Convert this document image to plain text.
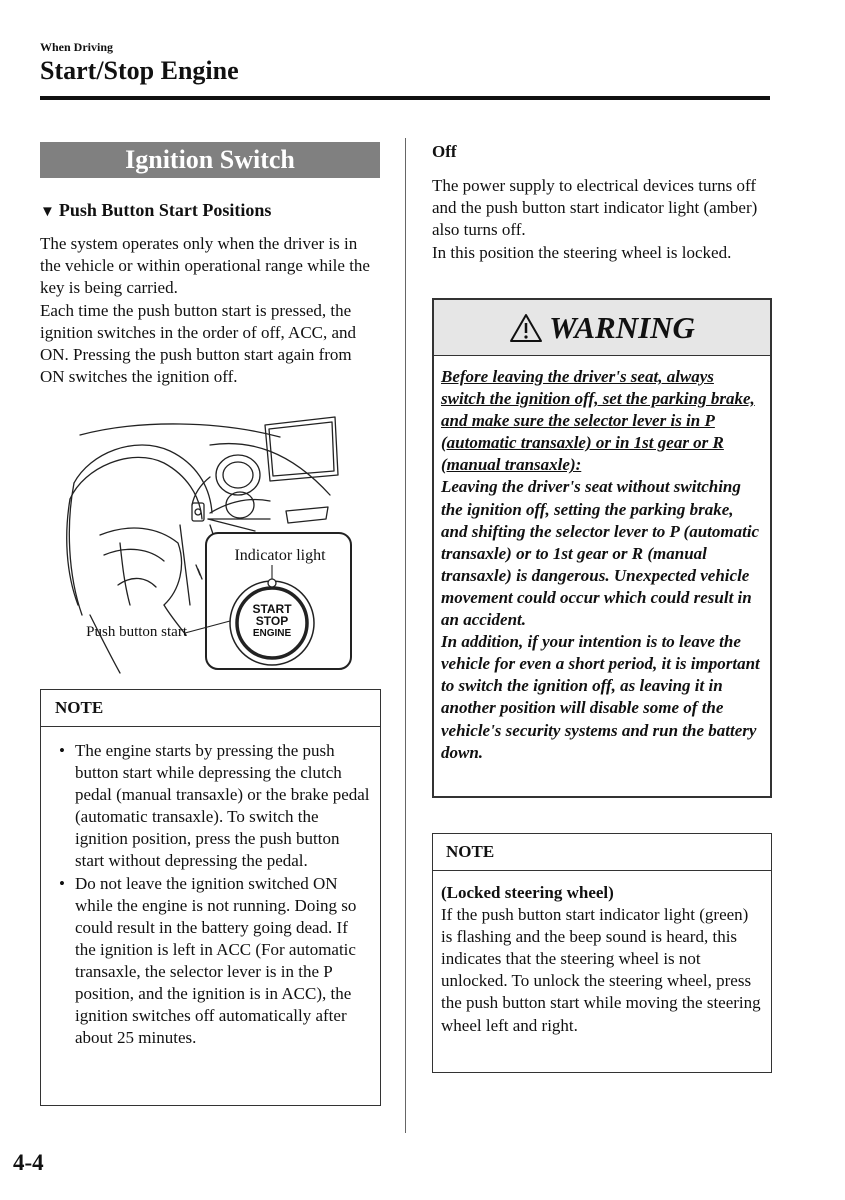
When Driving
Start/Stop Engine
Ignition Switch
▼ Push Button Start Positions
The system operates only when the driver is in the vehicle or within operational range while the key is being carried.
Each time the push button start is pressed, the ignition switches in the order of off, ACC, and ON. Pressing the push button start again from ON switches the ignition off.
Indicator light
Push button start
START
STOP
ENGINE
NOTE
• The engine starts by pressing the push button start while depressing the clutch pedal (manual transaxle) or the brake pedal (automatic transaxle). To switch the ignition position, press the push button start without depressing the pedal.
• Do not leave the ignition switched ON while the engine is not running. Doing so could result in the battery going dead. If the ignition is left in ACC (For automatic transaxle, the selector lever is in the P position, and the ignition is in ACC), the ignition switches off automatically after about 25 minutes.
Off
The power supply to electrical devices turns off and the push button start indicator light (amber) also turns off.
In this position the steering wheel is locked.
WARNING
Before leaving the driver's seat, always switch the ignition off, set the parking brake, and make sure the selector lever is in P (automatic transaxle) or in 1st gear or R (manual transaxle):
Leaving the driver's seat without switching the ignition off, setting the parking brake, and shifting the selector lever to P (automatic transaxle) or to 1st gear or R (manual transaxle) is dangerous. Unexpected vehicle movement could occur which could result in an accident.
In addition, if your intention is to leave the vehicle for even a short period, it is important to switch the ignition off, as leaving it in another position will disable some of the vehicle's security systems and run the battery down.
NOTE
(Locked steering wheel)
If the push button start indicator light (green) is flashing and the beep sound is heard, this indicates that the steering wheel is not unlocked. To unlock the steering wheel, press the push button start while moving the steering wheel left and right.
4-4
